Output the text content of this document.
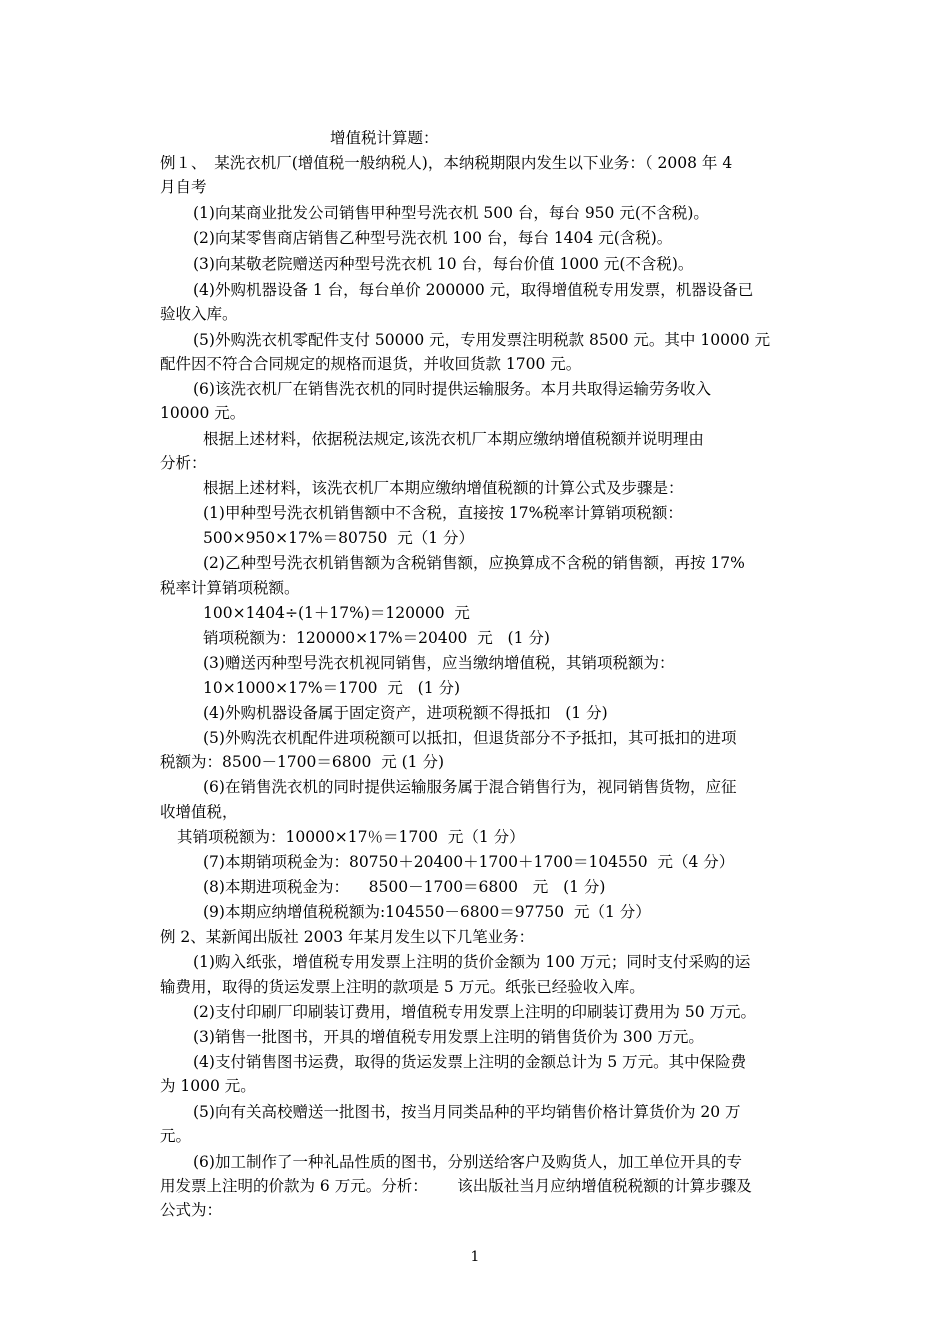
增值税计算题：
例１、　某洗衣机厂(增值税一般纳税人)，本纳税期限内发生以下业务：（ 2008 年 4
月自考
(1)向某商业批发公司销售甲种型号洗衣机 500 台，每台 950 元(不含税)。
(2)向某零售商店销售乙种型号洗衣机 100 台，每台 1404 元(含税)。
(3)向某敬老院赠送丙种型号洗衣机 10 台，每台价值 1000 元(不含税)。
(4)外购机器设备 1 台，每台单价 200000 元，取得增值税专用发票，机器设备已
验收入库。
(5)外购洗衣机零配件支付 50000 元，专用发票注明税款 8500 元。其中 10000 元
配件因不符合合同规定的规格而退货，并收回货款 1700 元。
(6)该洗衣机厂在销售洗衣机的同时提供运输服务。本月共取得运输劳务收入
10000 元。
根据上述材料，依据税法规定,该洗衣机厂本期应缴纳增值税额并说明理由
分析：
根据上述材料，该洗衣机厂本期应缴纳增值税额的计算公式及步骤是：
(1)甲种型号洗衣机销售额中不含税，直接按 17%税率计算销项税额：
500×950×17%＝80750  元（1 分）
(2)乙种型号洗衣机销售额为含税销售额，应换算成不含税的销售额，再按 17%
税率计算销项税额。
100×1404÷(1＋17%)＝120000  元
销项税额为：120000×17%＝20400  元   (1 分)
(3)赠送丙种型号洗衣机视同销售，应当缴纳增值税，其销项税额为：
10×1000×17%＝1700  元   (1 分)
(4)外购机器设备属于固定资产，进项税额不得抵扣   (1 分)
(5)外购洗衣机配件进项税额可以抵扣，但退货部分不予抵扣，其可抵扣的进项
税额为：8500－1700＝6800  元 (1 分)
(6)在销售洗衣机的同时提供运输服务属于混合销售行为，视同销售货物，应征
收增值税，
其销项税额为：10000×17％＝1700  元（1 分）
(7)本期销项税金为：80750＋20400＋1700＋1700＝104550  元（4 分）
(8)本期进项税金为：    8500－1700＝6800   元   (1 分)
(9)本期应纳增值税税额为:104550－6800＝97750  元（1 分）
例 2、某新闻出版社 2003 年某月发生以下几笔业务：
(1)购入纸张，增值税专用发票上注明的货价金额为 100 万元；同时支付采购的运
输费用，取得的货运发票上注明的款项是 5 万元。纸张已经验收入库。
(2)支付印刷厂印刷装订费用，增值税专用发票上注明的印刷装订费用为 50 万元。
(3)销售一批图书，开具的增值税专用发票上注明的销售货价为 300 万元。
(4)支付销售图书运费，取得的货运发票上注明的金额总计为 5 万元。其中保险费
为 1000 元。
(5)向有关高校赠送一批图书，按当月同类品种的平均销售价格计算货价为 20 万
元。
(6)加工制作了一种礼品性质的图书，分别送给客户及购货人，加工单位开具的专
用发票上注明的价款为 6 万元。分析：      该出版社当月应纳增值税税额的计算步骤及
公式为：
1
